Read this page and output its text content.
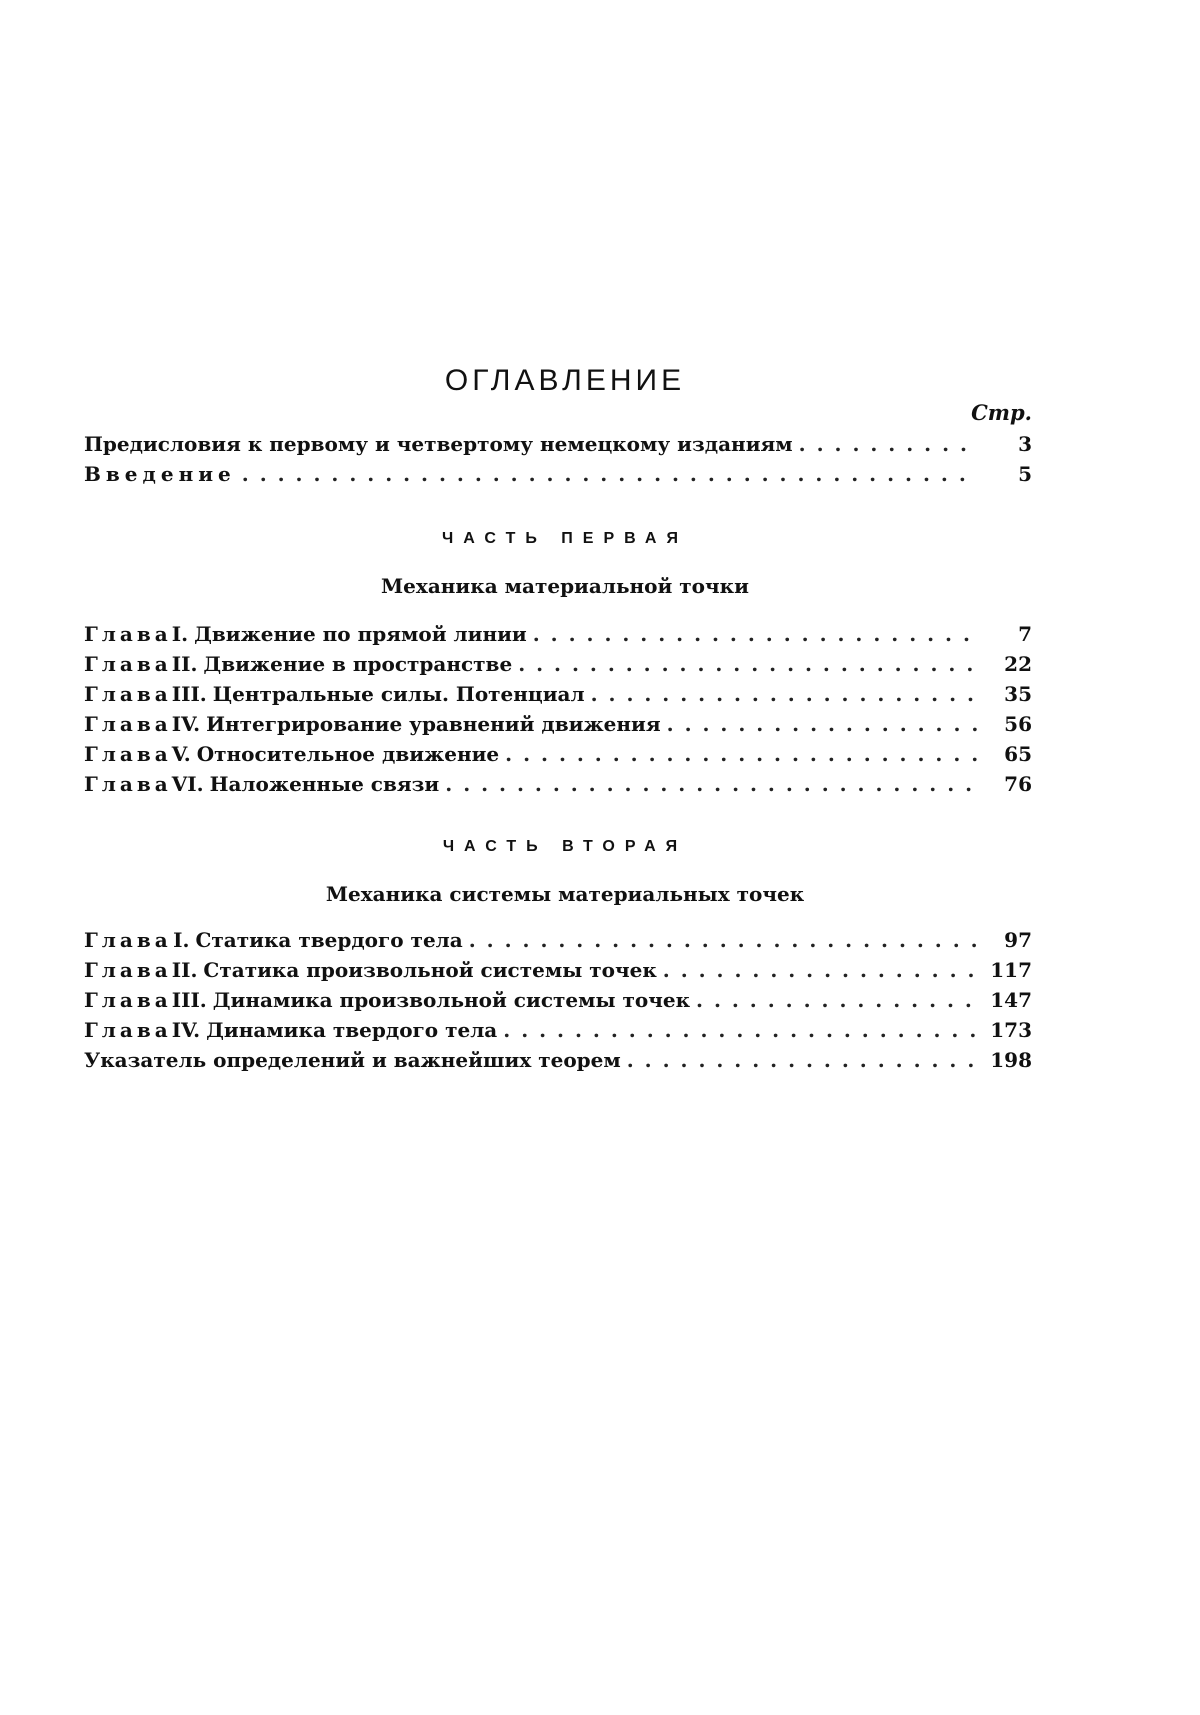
ОГЛАВЛЕНИЕ
Стр.
Предисловия к первому и четвертому немецкому изданиям . . .	3
Введение . . .	5
ЧАСТЬ ПЕРВАЯ
Механика материальной точки
Глава I. Движение по прямой линии . . .	7
Глава II. Движение в пространстве . . .	22
Глава III. Центральные силы. Потенциал . . .	35
Глава IV. Интегрирование уравнений движения . . .	56
Глава V. Относительное движение . . .	65
Глава VI. Наложенные связи . . .	76
ЧАСТЬ ВТОРАЯ
Механика системы материальных точек
Глава I. Статика твердого тела . . .	97
Глава II. Статика произвольной системы точек . . .	117
Глава III. Динамика произвольной системы точек . . .	147
Глава IV. Динамика твердого тела . . .	173
Указатель определений и важнейших теорем . . .	198
